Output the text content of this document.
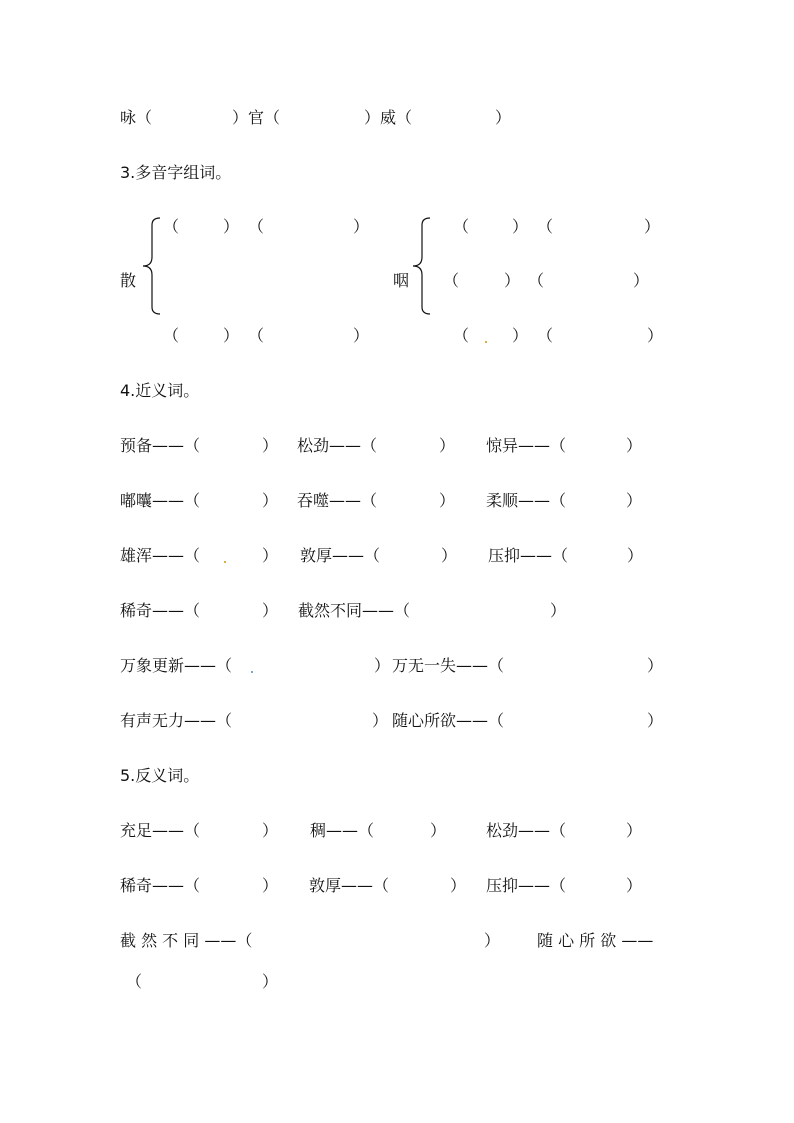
咏（	）官（	）威（	）
3.多音字组词。
散	咽
（	） （	）
（	） （	）
（	） （	）
（	） （	）
（	） （	）
4.近义词。
预备——（	） 松劲——（	） 惊异——（	）
嘟囔——（	） 吞噬——（	） 柔顺——（	）
雄浑——（	） 敦厚——（	） 压抑——（	）
稀奇——（	） 截然不同——（	）
万象更新——（	） 万无一失——（	）
有声无力——（	） 随心所欲——（	）
5.反义词。
充足——（	） 稠——（	） 松劲——（	）
稀奇——（	） 敦厚——（	） 压抑——（	）
截 然 不 同 ——（	） 随 心 所 欲 ——
（	）
